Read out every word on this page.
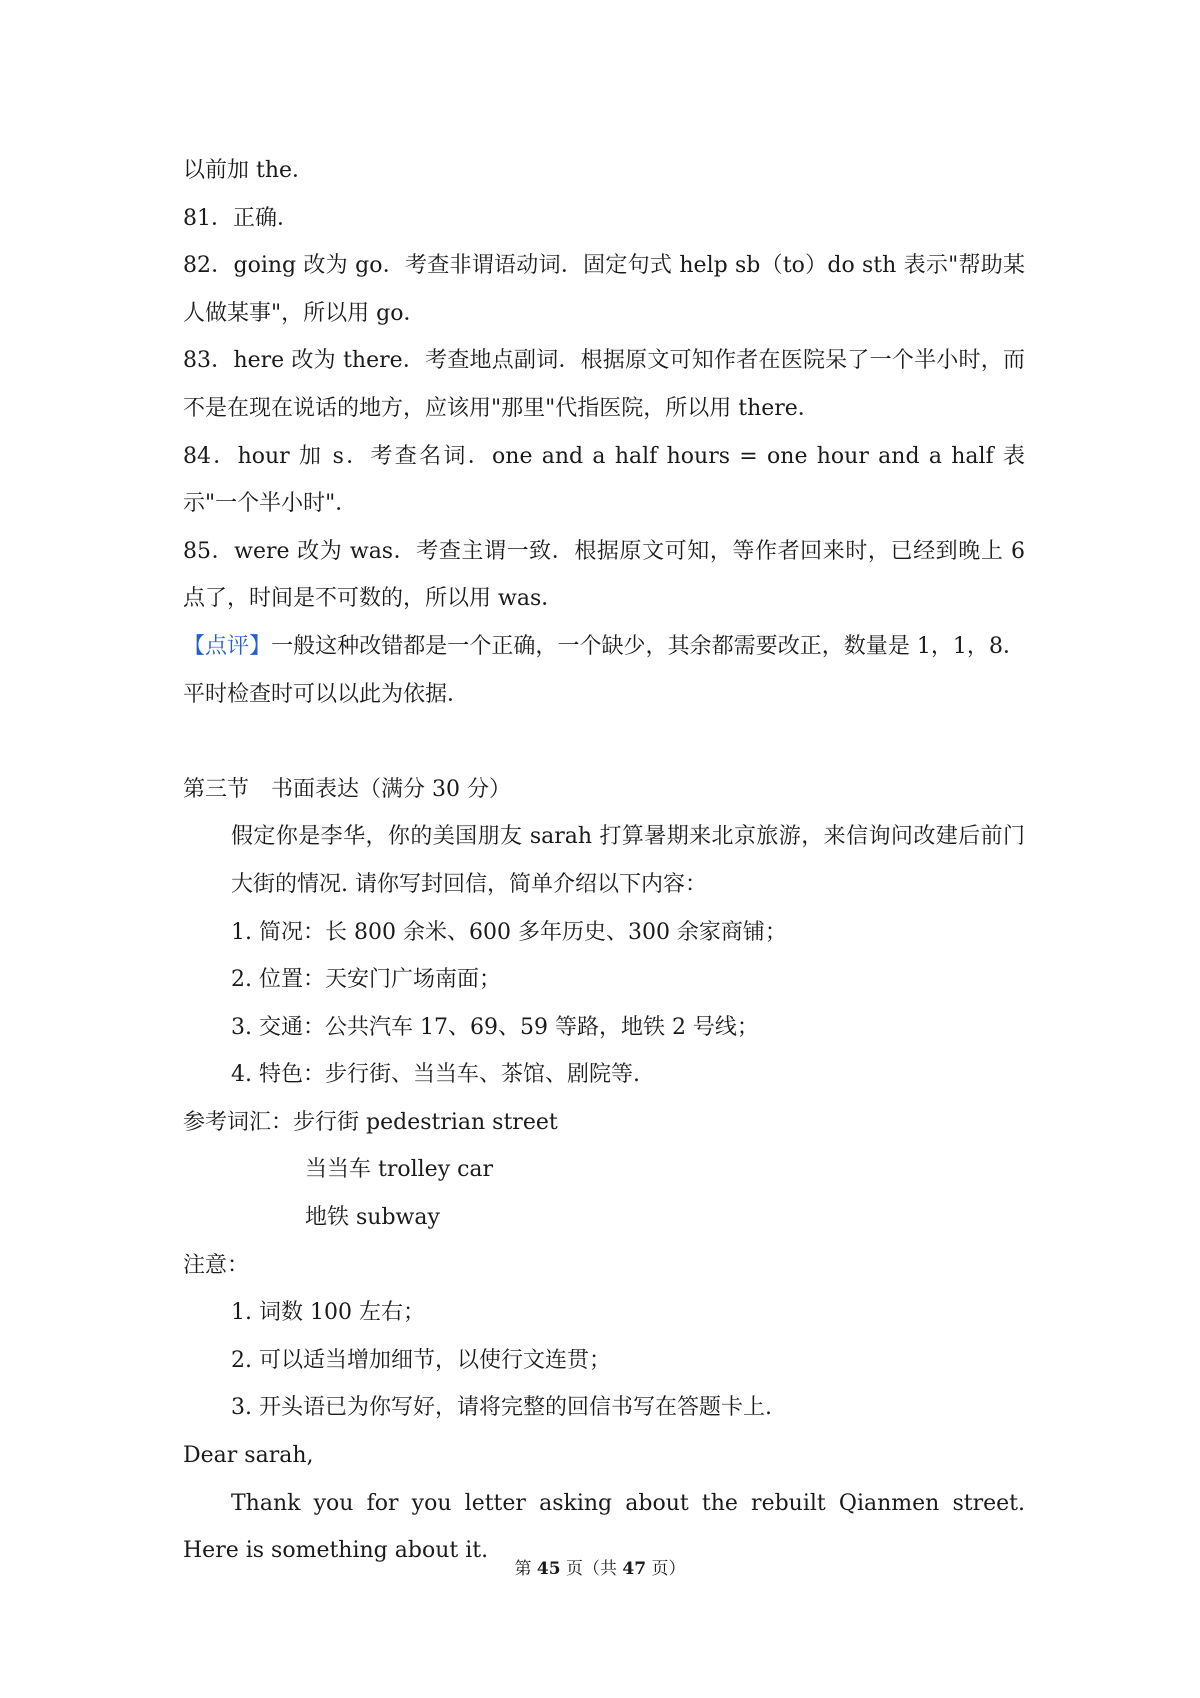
以前加 the．
81．正确．
82．going 改为 go．考查非谓语动词．固定句式 help sb（to）do sth 表示"帮助某人做某事"，所以用 go．
83．here 改为 there．考查地点副词．根据原文可知作者在医院呆了一个半小时，而不是在现在说话的地方，应该用"那里"代指医院，所以用 there．
84．hour 加 s．考查名词．one and a half hours = one hour and a half 表示"一个半小时"．
85．were 改为 was．考查主谓一致．根据原文可知，等作者回来时，已经到晚上 6 点了，时间是不可数的，所以用 was．
【点评】一般这种改错都是一个正确，一个缺少，其余都需要改正，数量是 1，1，8．平时检查时可以以此为依据．
第三节　书面表达（满分 30 分）
假定你是李华，你的美国朋友 sarah 打算暑期来北京旅游，来信询问改建后前门大街的情况. 请你写封回信，简单介绍以下内容：
1. 简况：长 800 余米、600 多年历史、300 余家商铺；
2. 位置：天安门广场南面；
3. 交通：公共汽车 17、69、59 等路，地铁 2 号线；
4. 特色：步行街、当当车、茶馆、剧院等.
参考词汇：步行街 pedestrian street
当当车 trolley car
地铁 subway
注意：
1. 词数 100 左右；
2. 可以适当增加细节，以使行文连贯；
3. 开头语已为你写好，请将完整的回信书写在答题卡上.
Dear sarah,
Thank you for you letter asking about the rebuilt Qianmen street. Here is something about it.
第 45 页（共 47 页）
